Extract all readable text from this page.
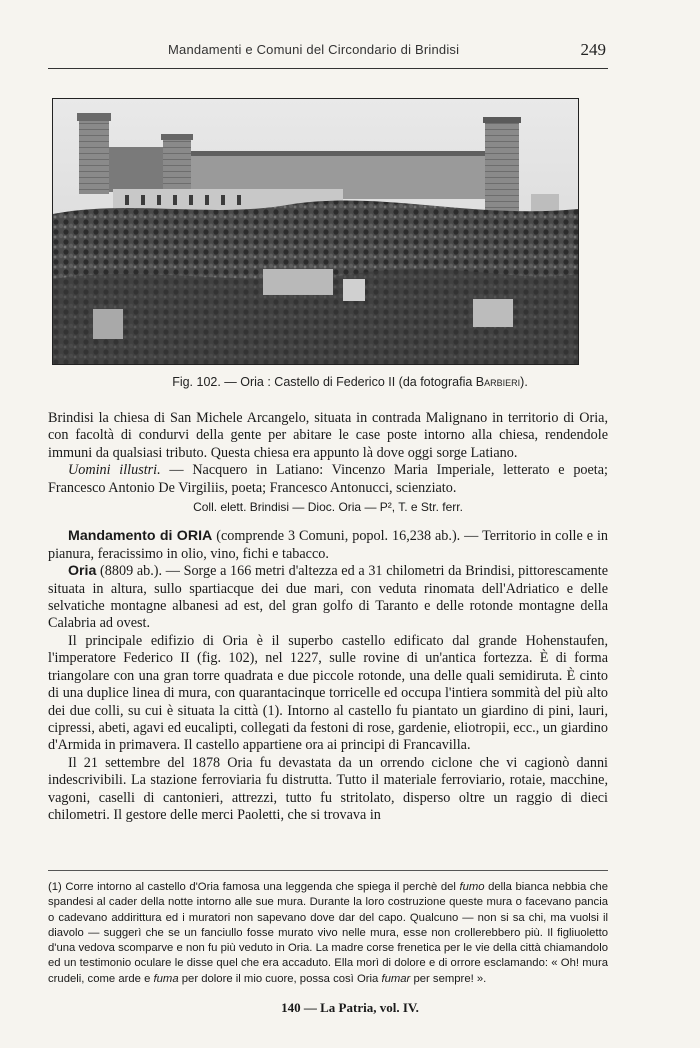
Mandamenti e Comuni del Circondario di Brindisi	249
Fig. 102. — Oria : Castello di Federico II (da fotografia Barbieri).

Brindisi la chiesa di San Michele Arcangelo, situata in contrada Malignano in territorio di Oria, con facoltà di condurvi della gente per abitare le case poste intorno alla chiesa, rendendole immuni da qualsiasi tributo. Questa chiesa era appunto là dove oggi sorge Latiano.

Uomini illustri. — Nacquero in Latiano: Vincenzo Maria Imperiale, letterato e poeta; Francesco Antonio De Virgiliis, poeta; Francesco Antonucci, scienziato.

Coll. elett. Brindisi — Dioc. Oria — P², T. e Str. ferr.

Mandamento di ORIA (comprende 3 Comuni, popol. 16,238 ab.). — Territorio in colle e in pianura, feracissimo in olio, vino, fichi e tabacco.

Oria (8809 ab.). — Sorge a 166 metri d'altezza ed a 31 chilometri da Brindisi, pittorescamente situata in altura, sullo spartiacque dei due mari, con veduta rinomata dell'Adriatico e delle selvatiche montagne albanesi ad est, del gran golfo di Taranto e delle rotonde montagne della Calabria ad ovest.

Il principale edifizio di Oria è il superbo castello edificato dal grande Hohenstaufen, l'imperatore Federico II (fig. 102), nel 1227, sulle rovine di un'antica fortezza. È di forma triangolare con una gran torre quadrata e due piccole rotonde, una delle quali semidiruta. È cinto di una duplice linea di mura, con quarantacinque torricelle ed occupa l'intiera sommità del più alto dei due colli, su cui è situata la città (1). Intorno al castello fu piantato un giardino di pini, lauri, cipressi, abeti, agavi ed eucalipti, collegati da festoni di rose, gardenie, eliotropii, ecc., un giardino d'Armida in primavera. Il castello appartiene ora ai principi di Francavilla.

Il 21 settembre del 1878 Oria fu devastata da un orrendo ciclone che vi cagionò danni indescrivibili. La stazione ferroviaria fu distrutta. Tutto il materiale ferroviario, rotaie, macchine, vagoni, caselli di cantonieri, attrezzi, tutto fu stritolato, disperso oltre un raggio di dieci chilometri. Il gestore delle merci Paoletti, che si trovava in

(1) Corre intorno al castello d'Oria famosa una leggenda che spiega il perchè del fumo della bianca nebbia che spandesi al cader della notte intorno alle sue mura. Durante la loro costruzione queste mura o facevano pancia o cadevano addirittura ed i muratori non sapevano dove dar del capo. Qualcuno — non si sa chi, ma vuolsi il diavolo — suggerì che se un fanciullo fosse murato vivo nelle mura, esse non crollerebbero più. Il figliuoletto d'una vedova scomparve e non fu più veduto in Oria. La madre corse frenetica per le vie della città chiamandolo ed un testimonio oculare le disse quel che era accaduto. Ella morì di dolore e di orrore esclamando: « Oh! mura crudeli, come arde e fuma per dolore il mio cuore, possa così Oria fumar per sempre! ».
140 — La Patria, vol. IV.
